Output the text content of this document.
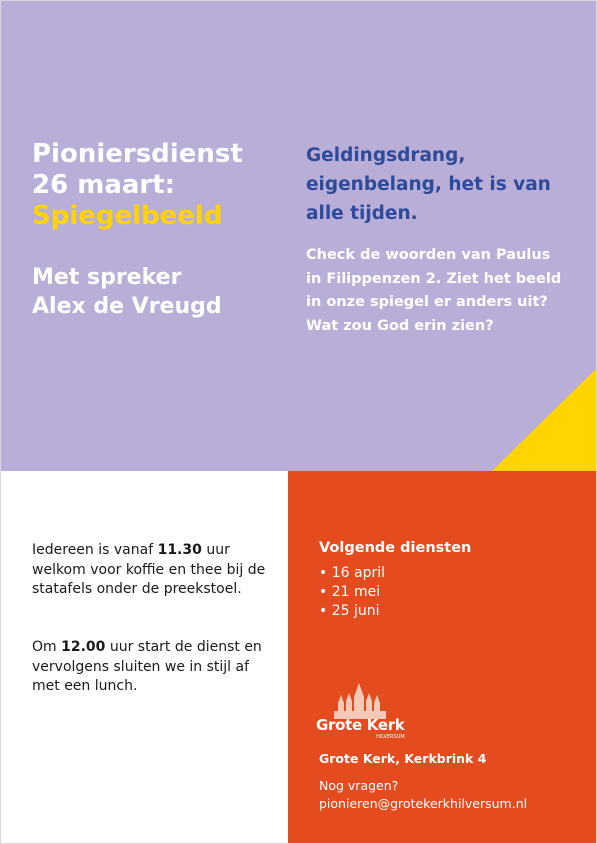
Pioniersdienst
26 maart:
Spiegelbeeld

Met spreker
Alex de Vreugd

Geldingsdrang, eigenbelang, het is van alle tijden.

Check de woorden van Paulus in Filippenzen 2. Ziet het beeld in onze spiegel er anders uit? Wat zou God erin zien?

Iedereen is vanaf 11.30 uur welkom voor koffie en thee bij de statafels onder de preekstoel.

Om 12.00 uur start de dienst en vervolgens sluiten we in stijl af met een lunch.

Volgende diensten
• 16 april
• 21 mei
• 25 juni
Grote Kerk
HILVERSUM

Grote Kerk, Kerkbrink 4

Nog vragen?
pionieren@grotekerkhilversum.nl
